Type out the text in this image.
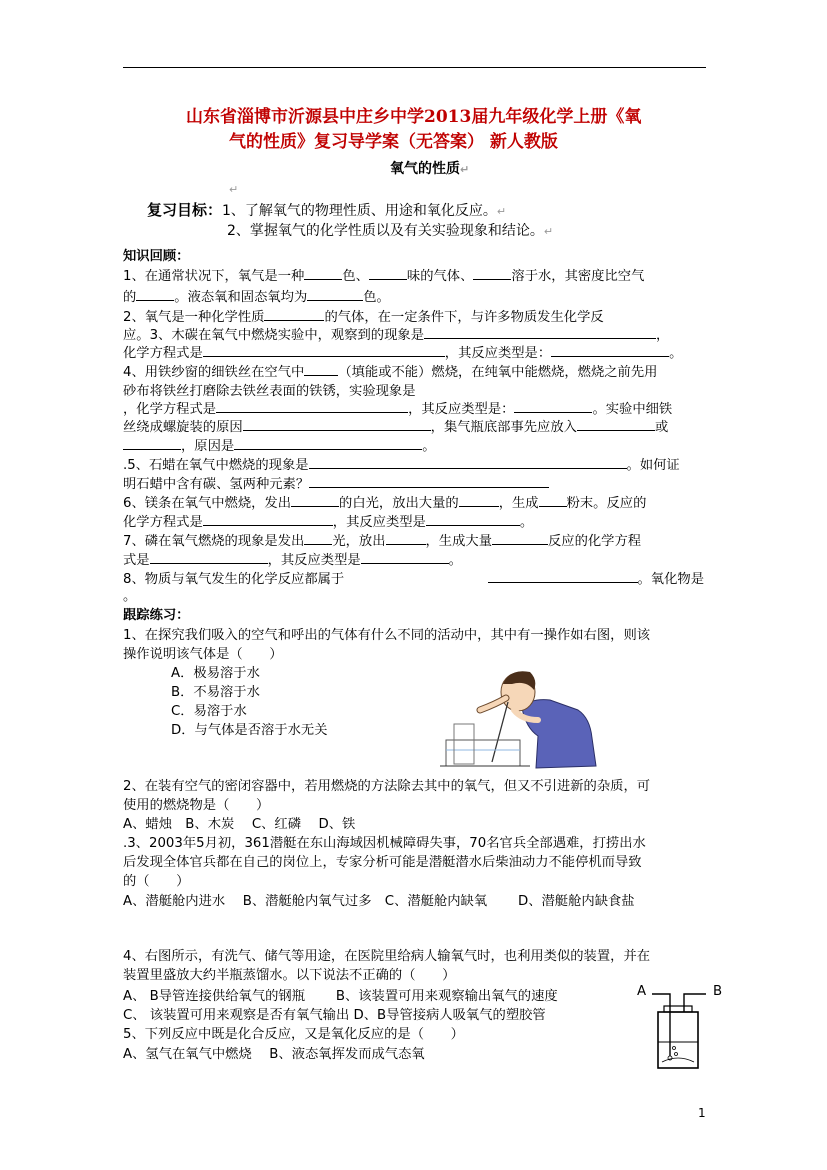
山东省淄博市沂源县中庄乡中学2013届九年级化学上册《氧
气的性质》复习导学案（无答案） 新人教版
氧气的性质↵
↵
复习目标：1、了解氧气的物理性质、用途和氧化反应。↵
2、掌握氧气的化学性质以及有关实验现象和结论。↵
知识回顾：
1、在通常状况下，氧气是一种	色、	味的气体、	溶于水，其密度比空气
的	。液态氧和固态氧均为	色。
2、氧气是一种化学性质	的气体，在一定条件下，与许多物质发生化学反
应。3、木碳在氧气中燃烧实验中，观察到的现象是	，
化学方程式是	，其反应类型是：	。
4、用铁纱窗的细铁丝在空气中	（填能或不能）燃烧，在纯氧中能燃烧，燃烧之前先用
砂布将铁丝打磨除去铁丝表面的铁锈，实验现象是
，化学方程式是	，其反应类型是：	。实验中细铁
丝绕成螺旋装的原因	，集气瓶底部事先应放入	或
，原因是	。
.5、石蜡在氧气中燃烧的现象是	。如何证
明石蜡中含有碳、氢两种元素？
6、镁条在氧气中燃烧，发出	的白光，放出大量的	，生成 粉末。反应的
化学方程式是	，其反应类型是	。
7、磷在氧气燃烧的现象是发出 光，放出	，生成大量	反应的化学方程
式是	，其反应类型是	。
8、物质与氧气发生的化学反应都属于	。氧化物是
。
跟踪练习：
1、在探究我们吸入的空气和呼出的气体有什么不同的活动中，其中有一操作如右图，则该
操作说明该气体是（　　）
A．极易溶于水
B．不易溶于水
C．易溶于水
D．与气体是否溶于水无关
2、在装有空气的密闭容器中，若用燃烧的方法除去其中的氧气，但又不引进新的杂质，可
使用的燃烧物是（　　）
A、蜡烛　B、木炭　 C、红磷　 D、铁
.3、2003年5月初，361潜艇在东山海域因机械障碍失事，70名官兵全部遇难，打捞出水
后发现全体官兵都在自己的岗位上，专家分析可能是潜艇潜水后柴油动力不能停机而导致
的（　　）
A、潜艇舱内进水　 B、潜艇舱内氧气过多　C、潜艇舱内缺氧　　 D、潜艇舱内缺食盐
4、右图所示，有洗气、储气等用途，在医院里给病人输氧气时，也利用类似的装置，并在
装置里盛放大约半瓶蒸馏水。以下说法不正确的（　　）
A、 B导管连接供给氧气的钢瓶　　 B、该装置可用来观察输出氧气的速度
C、 该装置可用来观察是否有氧气输出 D、B导管接病人吸氧气的塑胶管
A	B
5、下列反应中既是化合反应，又是氧化反应的是（　　）
A、氢气在氧气中燃烧　 B、液态氧挥发而成气态氧
1
